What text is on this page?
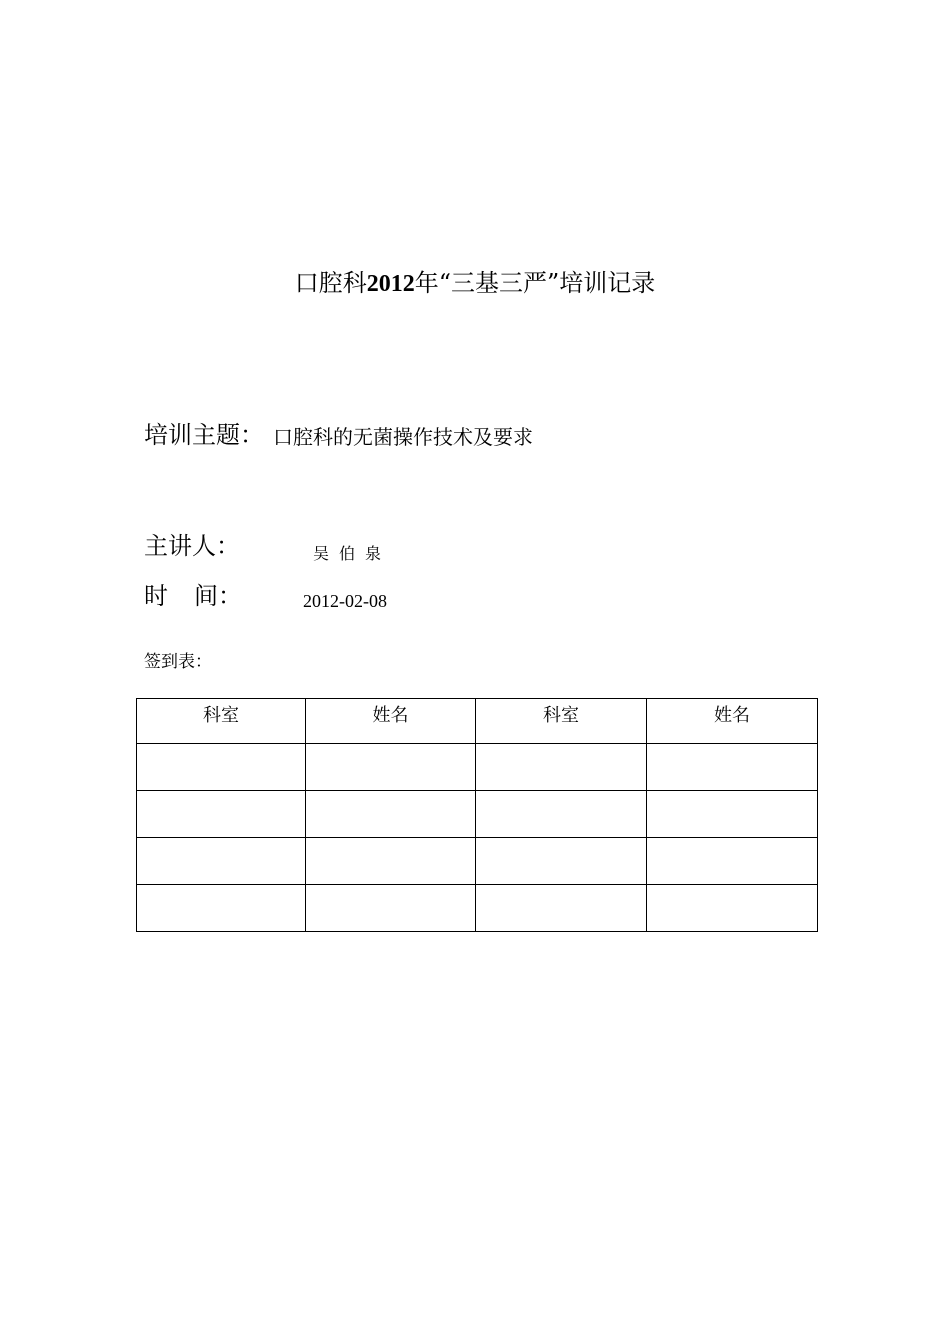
口腔科2012年“三基三严”培训记录
培训主题： 口腔科的无菌操作技术及要求
主讲人：	吴伯泉
时 间：	2012-02-08
签到表：
科室	姓名	科室	姓名
